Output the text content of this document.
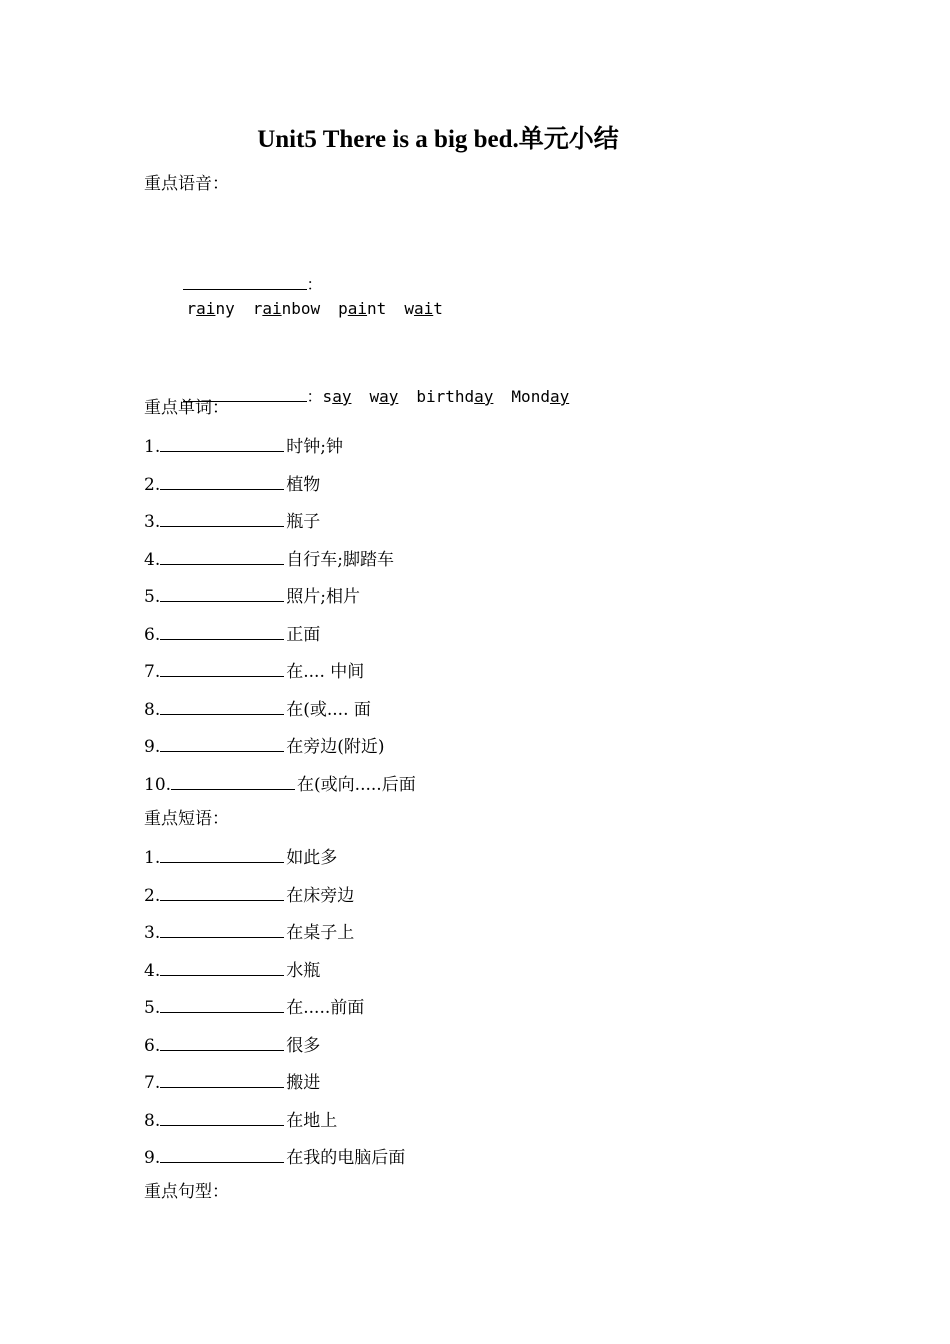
Unit5 There is a big bed.单元小结
重点语音：

：
rainy rainbow paint wait

：say way birthday Monday

重点单词：
1.	时钟;钟
2.	植物
3.	瓶子
4.	自行车;脚踏车
5.	照片;相片
6.	正面
7.	在.... 中间
8.	在(或.... 面
9.	在旁边(附近)
10.	在(或向.....后面
重点短语：
1.	如此多
2.	在床旁边
3.	在桌子上
4.	水瓶
5.	在.....前面
6.	很多
7.	搬进
8.	在地上
9.	在我的电脑后面
重点句型：
